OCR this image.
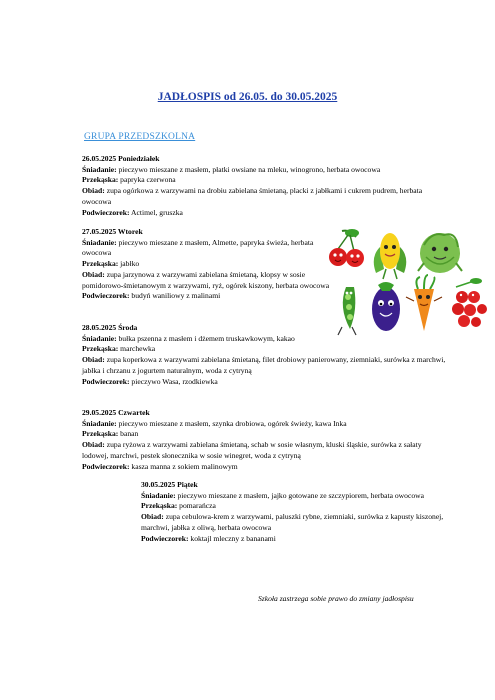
JADŁOSPIS od 26.05. do 30.05.2025
GRUPA PRZEDSZKOLNA
26.05.2025 Poniedziałek

Śniadanie: pieczywo mieszane z masłem, płatki owsiane na mleku, winogrono, herbata owocowa

Przekąska: papryka czerwona

Obiad: zupa ogórkowa z warzywami na drobiu zabielana śmietaną, placki z jabłkami i cukrem pudrem, herbata owocowa

Podwieczorek: Actimel, gruszka

27.05.2025 Wtorek

Śniadanie: pieczywo mieszane z masłem, Almette, papryka świeża, herbata owocowa

Przekąska: jabłko

Obiad: zupa jarzynowa z warzywami zabielana śmietaną, klopsy w sosie pomidorowo-śmietanowym z warzywami, ryż, ogórek kiszony, herbata owocowa

Podwieczorek: budyń waniliowy z malinami

28.05.2025 Środa

Śniadanie: bułka pszenna z masłem i dżemem truskawkowym, kakao

Przekąska: marchewka

Obiad: zupa koperkowa z warzywami zabielana śmietaną, filet drobiowy panierowany, ziemniaki, surówka z marchwi, jabłka i chrzanu z jogurtem naturalnym, woda z cytryną

Podwieczorek: pieczywo Wasa, rzodkiewka

29.05.2025 Czwartek

Śniadanie: pieczywo mieszane z masłem, szynka drobiowa, ogórek świeży, kawa Inka

Przekąska: banan

Obiad: zupa ryżowa z warzywami zabielana śmietaną, schab w sosie własnym, kluski śląskie, surówka z sałaty lodowej, marchwi, pestek słonecznika w sosie winegret, woda z cytryną

Podwieczorek: kasza manna z sokiem malinowym

30.05.2025 Piątek

Śniadanie: pieczywo mieszane z masłem, jajko gotowane ze szczypiorem, herbata owocowa

Przekąska: pomarańcza

Obiad: zupa cebulowa-krem z warzywami, paluszki rybne, ziemniaki, surówka z kapusty kiszonej, marchwi, jabłka z oliwą, herbata owocowa

Podwieczorek: koktajl mleczny z bananami

Szkoła zastrzega sobie prawo do zmiany jadłospisu
